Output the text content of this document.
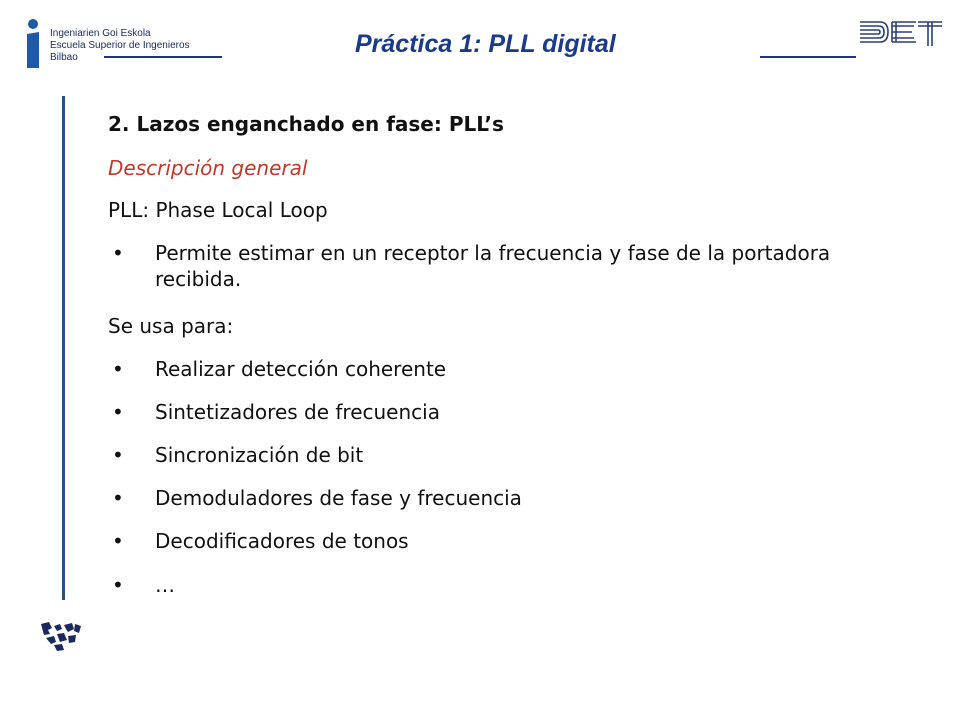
Ingeniarien Goi Eskola
Escuela Superior de Ingenieros
Bilbao	Práctica 1: PLL digital
2. Lazos enganchado en fase: PLL’s
Descripción general
PLL: Phase Local Loop
• Permite estimar en un receptor la frecuencia y fase de la portadora recibida.
Se usa para:
• Realizar detección coherente
• Sintetizadores de frecuencia
• Sincronización de bit
• Demoduladores de fase y frecuencia
• Decodificadores de tonos
• …
